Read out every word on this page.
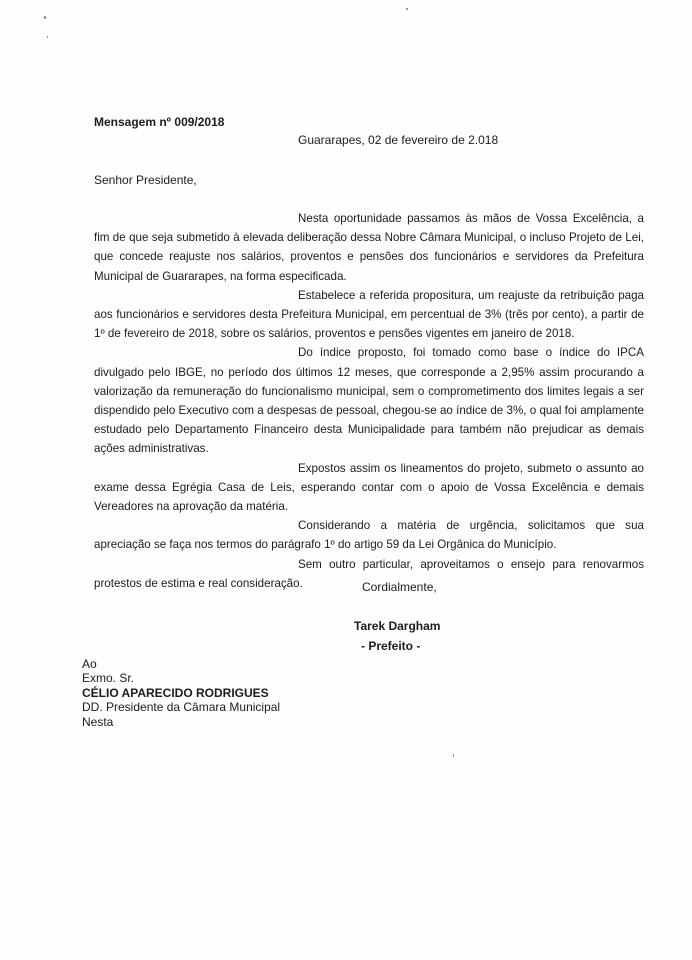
Mensagem nº 009/2018
Guararapes, 02 de fevereiro de 2.018
Senhor Presidente,

Nesta oportunidade passamos às mãos de Vossa Excelência, a fim de que seja submetido à elevada deliberação dessa Nobre Câmara Municipal, o incluso Projeto de Lei, que concede reajuste nos salários, proventos e pensões dos funcionários e servidores da Prefeitura Municipal de Guararapes, na forma especificada.

Estabelece a referida propositura, um reajuste da retribuição paga aos funcionários e servidores desta Prefeitura Municipal, em percentual de 3% (três por cento), a partir de 1º de fevereiro de 2018, sobre os salários, proventos e pensões vigentes em janeiro de 2018.

Do índice proposto, foi tomado como base o índice do IPCA divulgado pelo IBGE, no período dos últimos 12 meses, que corresponde a 2,95% assim procurando a valorização da remuneração do funcionalismo municipal, sem o comprometimento dos limites legais a ser dispendido pelo Executivo com a despesas de pessoal, chegou-se ao índice de 3%, o qual foi amplamente estudado pelo Departamento Financeiro desta Municipalidade para também não prejudicar as demais ações administrativas.

Expostos assim os lineamentos do projeto, submeto o assunto ao exame dessa Egrégia Casa de Leis, esperando contar com o apoio de Vossa Excelência e demais Vereadores na aprovação da matéria.

Considerando a matéria de urgência, solicitamos que sua apreciação se faça nos termos do parágrafo 1º do artigo 59 da Lei Orgânica do Município.

Sem outro particular, aproveitamos o ensejo para renovarmos protestos de estima e real consideração.	Cordialmente,
Tarek Dargham
- Prefeito -
Ao
Exmo. Sr.
CÉLIO APARECIDO RODRIGUES
DD. Presidente da Câmara Municipal
Nesta
